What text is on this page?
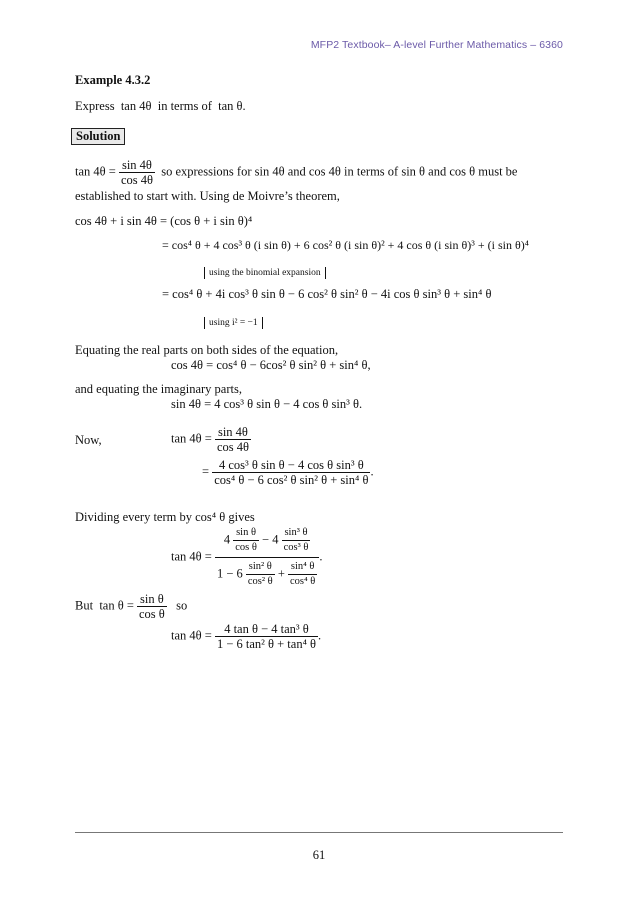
MFP2 Textbook– A-level Further Mathematics – 6360
Example 4.3.2
Express tan 4θ in terms of tan θ.
Solution
$\tan 4\theta = \frac{\sin 4\theta}{\cos 4\theta}$ so expressions for sin 4θ and cos 4θ in terms of sin θ and cos θ must be
established to start with. Using de Moivre’s theorem,
cos 4θ + i sin 4θ = (cos θ + i sin θ)⁴
= cos⁴ θ + 4 cos³ θ (i sin θ) + 6 cos² θ (i sin θ)² + 4 cos θ (i sin θ)³ + (i sin θ)⁴
using the binomial expansion
= cos⁴ θ + 4i cos³ θ sin θ − 6 cos² θ sin² θ − 4i cos θ sin³ θ + sin⁴ θ
using i² = −1
Equating the real parts on both sides of the equation,
cos 4θ = cos⁴ θ − 6cos² θ sin² θ + sin⁴ θ,
and equating the imaginary parts,
sin 4θ = 4 cos³ θ sin θ − 4 cos θ sin³ θ.
Now,	$\tan 4\theta = \frac{\sin 4\theta}{\cos 4\theta}$
= $\frac{\text{4 cos³ θ sin θ − 4 cos θ sin³ θ}}{\text{cos⁴ θ − 6 cos² θ sin² θ + sin⁴ θ}}$ .
Dividing every term by cos⁴ θ gives
tan 4θ =
$4 \frac{\text{sin θ}}{\text{cos θ}} - 4 \frac{\text{sin³ θ}}{\text{cos³ θ}}$
$1 - 6 \frac{\text{sin² θ}}{\text{cos² θ}} + \frac{\text{sin⁴ θ}}{\text{cos⁴ θ}}$
.
But $\tan \theta = \frac{\text{sin θ}}{\text{cos θ}}$ so
$\tan 4\theta = \frac{\text{4 tan θ − 4 tan³ θ}}{\text{1 − 6 tan² θ + tan⁴ θ}}$ .
61
